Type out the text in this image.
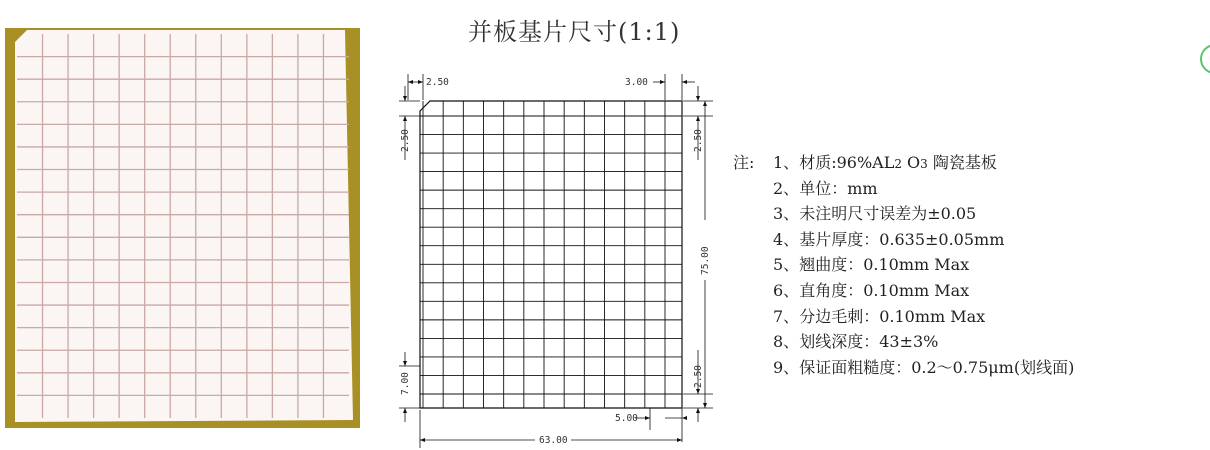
并板基片尺寸(1:1)
2.50	3.00
2.50	2.50
75.00
2.50
7.00
5.00
63.00
注: 1、材质:96%AL2 O3 陶瓷基板
2、单位：mm
3、未注明尺寸误差为±0.05
4、基片厚度：0.635±0.05mm
5、翘曲度：0.10mm Max
6、直角度：0.10mm Max
7、分边毛刺：0.10mm Max
8、划线深度：43±3%
9、保证面粗糙度：0.2～0.75μm(划线面)
